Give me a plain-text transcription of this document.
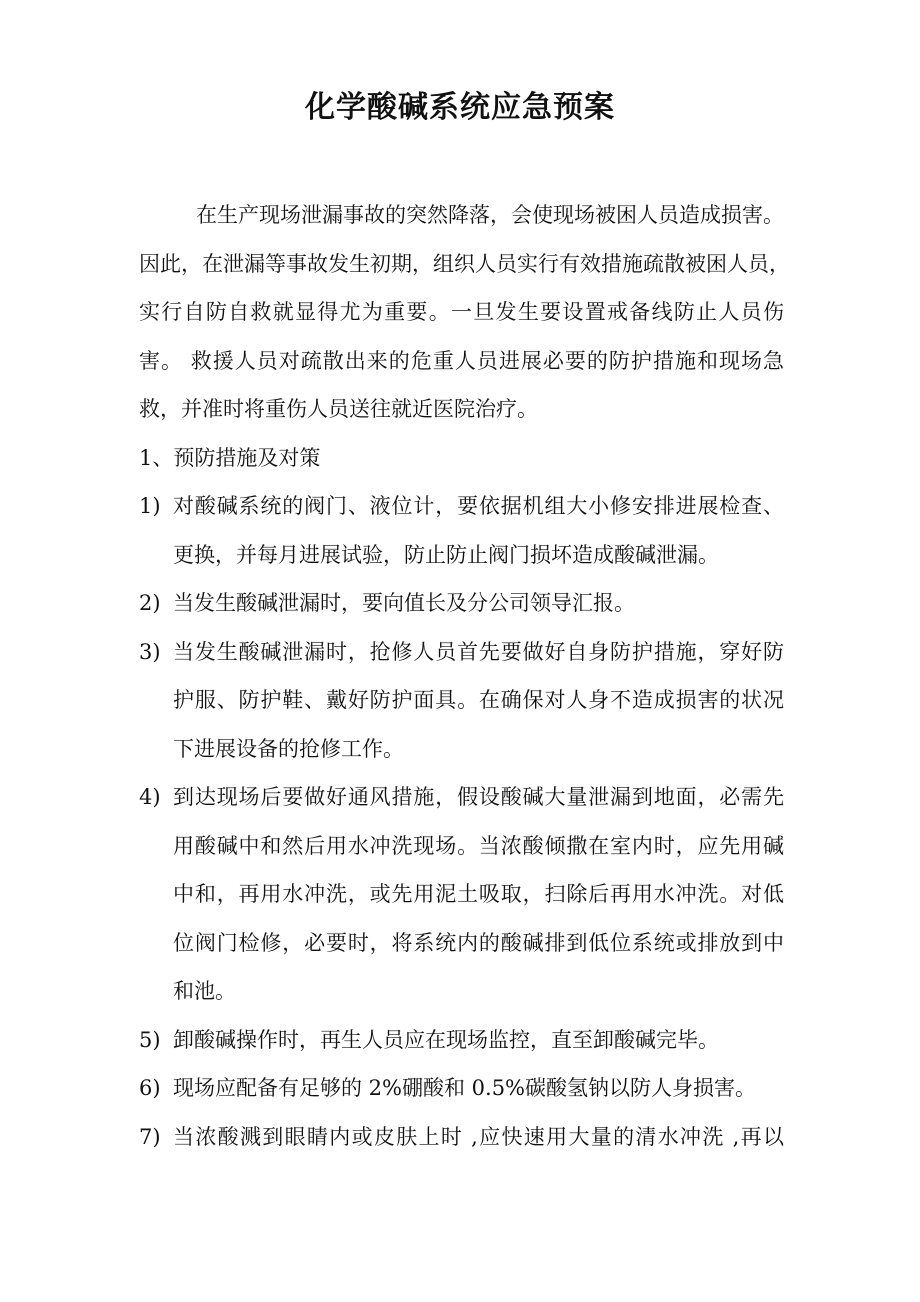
化学酸碱系统应急预案
在生产现场泄漏事故的突然降落，会使现场被困人员造成损害。
因此，在泄漏等事故发生初期，组织人员实行有效措施疏散被困人员，
实行自防自救就显得尤为重要。一旦发生要设置戒备线防止人员伤
害。 救援人员对疏散出来的危重人员进展必要的防护措施和现场急
救，并准时将重伤人员送往就近医院治疗。
1、预防措施及对策
1) 对酸碱系统的阀门、液位计，要依据机组大小修安排进展检查、
更换，并每月进展试验，防止防止阀门损坏造成酸碱泄漏。
2) 当发生酸碱泄漏时，要向值长及分公司领导汇报。
3) 当发生酸碱泄漏时，抢修人员首先要做好自身防护措施，穿好防
护服、防护鞋、戴好防护面具。在确保对人身不造成损害的状况
下进展设备的抢修工作。
4) 到达现场后要做好通风措施，假设酸碱大量泄漏到地面，必需先
用酸碱中和然后用水冲洗现场。当浓酸倾撒在室内时，应先用碱
中和，再用水冲洗，或先用泥土吸取，扫除后再用水冲洗。对低
位阀门检修，必要时，将系统内的酸碱排到低位系统或排放到中
和池。
5) 卸酸碱操作时，再生人员应在现场监控，直至卸酸碱完毕。
6) 现场应配备有足够的 2%硼酸和 0.5%碳酸氢钠以防人身损害。
7) 当浓酸溅到眼睛内或皮肤上时 ,应快速用大量的清水冲洗 ,再以
